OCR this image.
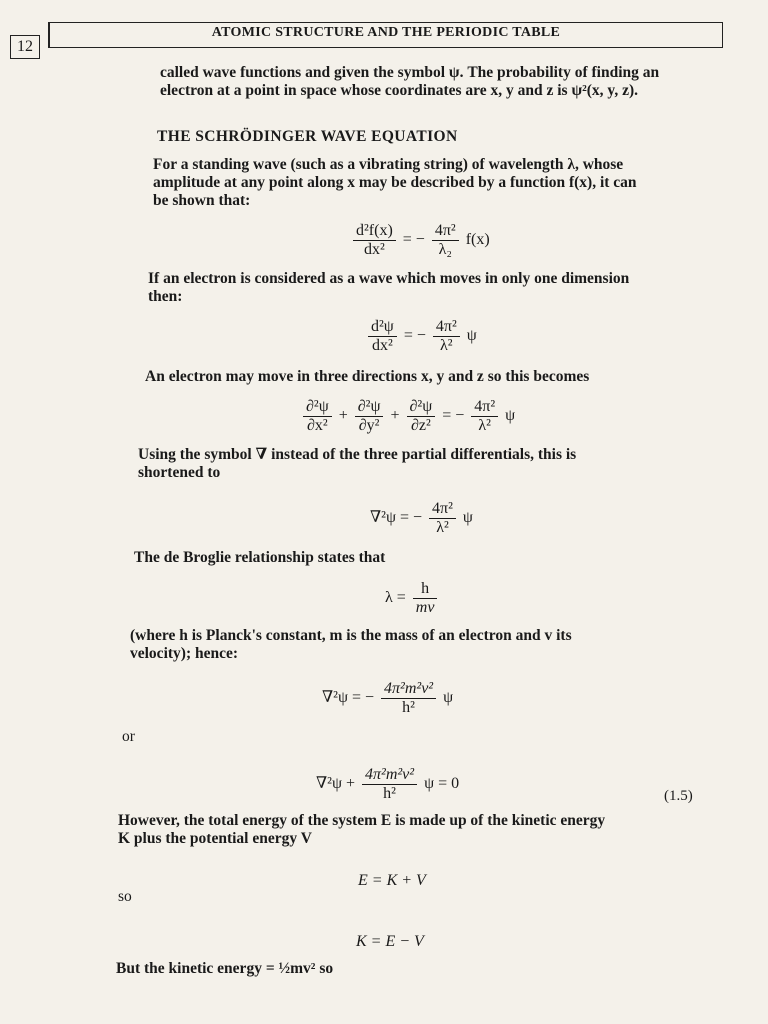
12
ATOMIC STRUCTURE AND THE PERIODIC TABLE
called wave functions and given the symbol ψ. The probability of finding an
electron at a point in space whose coordinates are x, y and z is ψ²(x, y, z).
THE SCHRÖDINGER WAVE EQUATION
For a standing wave (such as a vibrating string) of wavelength λ, whose
amplitude at any point along x may be described by a function f(x), it can
be shown that:
$\frac{\text{d²f(x)}}{\text{dx²}}$ = − $\frac{\text{4π²}}{\text{λ₂}} f(x)$
If an electron is considered as a wave which moves in only one dimension
then:
$\frac{\text{d²ψ}}{\text{dx²}}$ = − $\frac{\text{4π²}}{\text{λ²}}$ ψ
An electron may move in three directions x, y and z so this becomes
$\frac{\text{∂²ψ}}{\text{∂x²}} + \frac{\text{∂²ψ}}{\text{∂y²}} + \frac{\text{∂²ψ}}{\text{∂z²}}$ = − $\frac{\text{4π²}}{\text{λ²}}$ ψ
Using the symbol ∇ instead of the three partial differentials, this is
shortened to
∇²ψ = − $\frac{\text{4π²}}{\text{λ²}}$ ψ
The de Broglie relationship states that
$\lambda = \frac{h}{mv}$
(where h is Planck's constant, m is the mass of an electron and v its
velocity); hence:
∇²ψ = − $\frac{\text{4π²m²v²}}{\text{h²}}$ ψ
or
$\nabla^2\psi + \frac{\text{4π²m²v²}}{\text{h²}}$ ψ = 0
(1.5)
However, the total energy of the system E is made up of the kinetic energy
K plus the potential energy V
E = K + V
so
K = E − V
But the kinetic energy = ½mv² so
